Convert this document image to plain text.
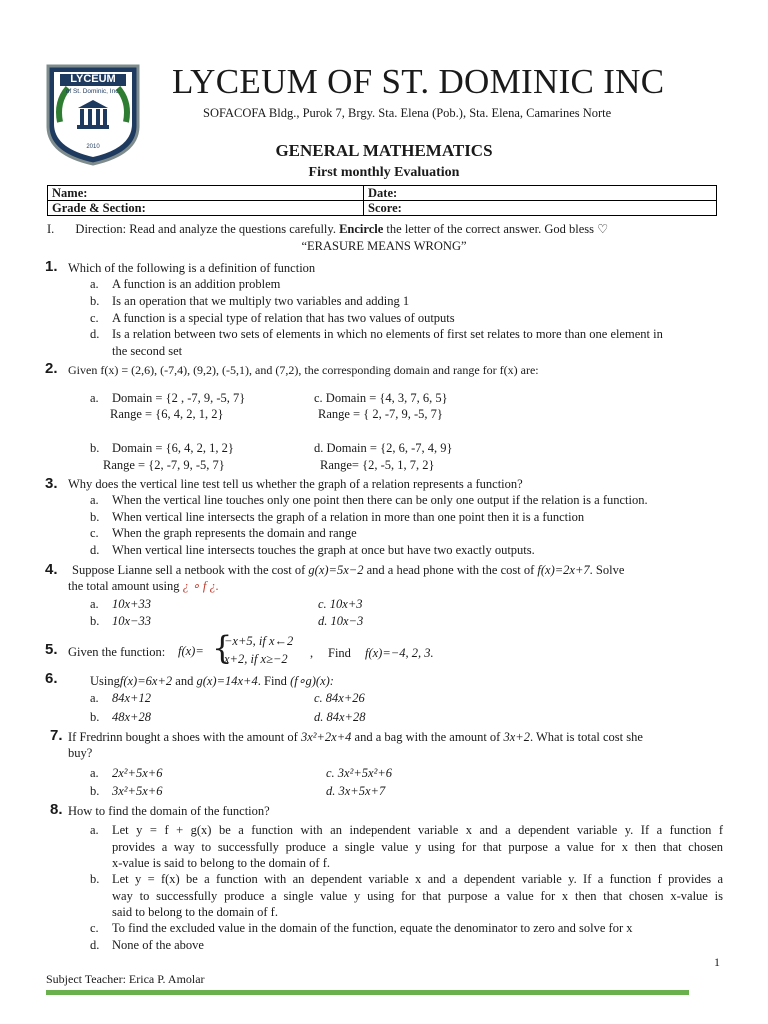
LYCEUM
of St. Dominic, Inc.
2010
LYCEUM OF ST. DOMINIC INC
SOFACOFA Bldg., Purok 7, Brgy. Sta. Elena (Pob.), Sta. Elena, Camarines Norte
GENERAL MATHEMATICS
First monthly Evaluation
Name:	Date:
Grade & Section:	Score:
I. Direction: Read and analyze the questions carefully. Encircle the letter of the correct answer. God bless ♡
“ERASURE MEANS WRONG”
1. Which of the following is a definition of function
a. A function is an addition problem
b. Is an operation that we multiply two variables and adding 1
c. A function is a special type of relation that has two values of outputs
d. Is a relation between two sets of elements in which no elements of first set relates to more than one element in
the second set
2. Given f(x) = (2,6), (-7,4), (9,2), (-5,1), and (7,2), the corresponding domain and range for f(x) are:
a. Domain = {2 , -7, 9, -5, 7}
Range = {6, 4, 2, 1, 2}
c. Domain = {4, 3, 7, 6, 5}
Range = { 2, -7, 9, -5, 7}
b. Domain = {6, 4, 2, 1, 2}
Range = {2, -7, 9, -5, 7}
d. Domain = {2, 6, -7, 4, 9}
Range= {2, -5, 1, 7, 2}
3. Why does the vertical line test tell us whether the graph of a relation represents a function?
a. When the vertical line touches only one point then there can be only one output if the relation is a function.
b. When vertical line intersects the graph of a relation in more than one point then it is a function
c. When the graph represents the domain and range
d. When vertical line intersects touches the graph at once but have two exactly outputs.
4. Suppose Lianne sell a netbook with the cost of g(x)=5x−2 and a head phone with the cost of f(x)=2x+7. Solve
the total amount using ¿ ∘ f ¿.
a. 10x+33	c. 10x+3
b. 10x−33	d. 10x−3
5. Given the function: f(x)= {
−x+5, if x←2
x+2, if x≥−2 , Find f(x)=−4, 2, 3.
6.	Usingf(x)=6x+2 and g(x)=14x+4. Find (f∘g)(x):
a. 84x+12	c. 84x+26
b. 48x+28	d. 84x+28
7. If Fredrinn bought a shoes with the amount of 3x²+2x+4 and a bag with the amount of 3x+2. What is total cost she
buy?
a. 2x²+5x+6	c. 3x²+5x²+6
b. 3x²+5x+6	d. 3x+5x+7
8. How to find the domain of the function?
a. Let y = f + g(x) be a function with an independent variable x and a dependent variable y. If a function f
provides a way to successfully produce a single value y using for that purpose a value for x then that chosen
x-value is said to belong to the domain of f.
b. Let y = f(x) be a function with an dependent variable x and a dependent variable y. If a function f provides a
way to successfully produce a single value y using for that purpose a value for x then that chosen x-value is
said to belong to the domain of f.
c. To find the excluded value in the domain of the function, equate the denominator to zero and solve for x
d. None of the above
1
Subject Teacher: Erica P. Amolar
